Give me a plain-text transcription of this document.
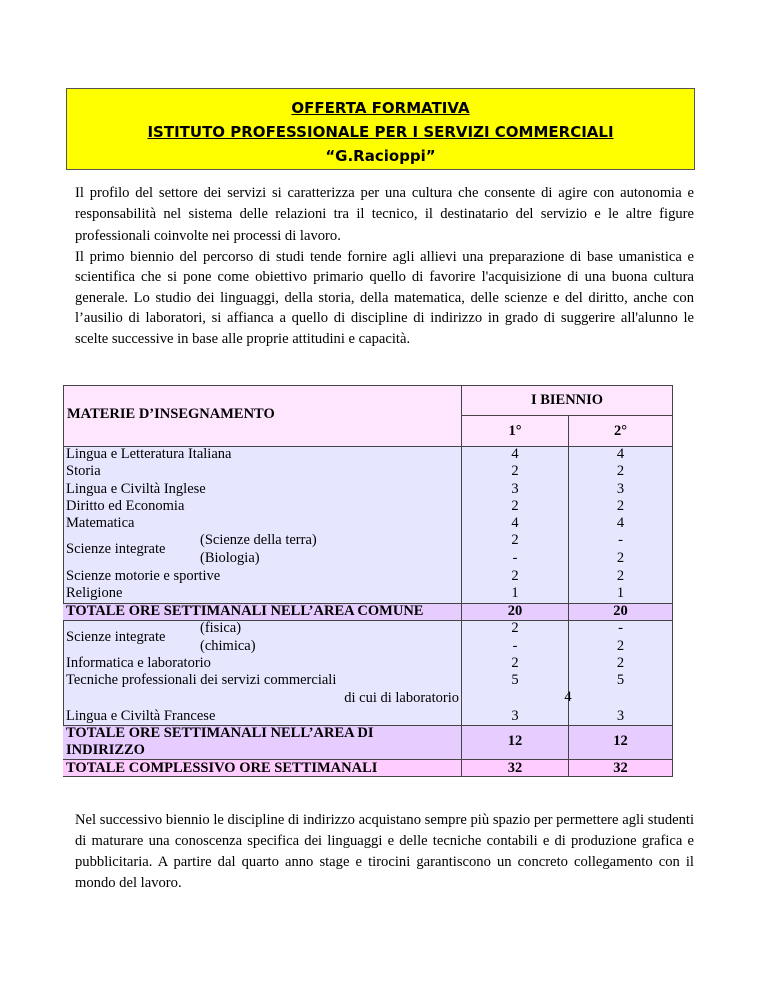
OFFERTA FORMATIVA
ISTITUTO PROFESSIONALE PER I SERVIZI COMMERCIALI
“G.Racioppi”

Il profilo del settore dei servizi si caratterizza per una cultura che consente di agire con autonomia e
responsabilità nel sistema delle relazioni tra il tecnico, il destinatario del servizio e le altre figure
professionali coinvolte nei processi di lavoro.

Il primo biennio del percorso di studi tende fornire agli allievi una preparazione di base umanistica e scientifica che si pone come obiettivo primario quello di favorire l'acquisizione di una buona cultura generale. Lo studio dei linguaggi, della storia, della matematica, delle scienze e del diritto, anche con l’ausilio di laboratori, si affianca a quello di discipline di indirizzo in grado di suggerire all'alunno le scelte successive in base alle proprie attitudini e capacità.

MATERIE D’INSEGNAMENTO
I BIENNIO
1°	2°
Lingua e Letteratura Italiana
Storia
Lingua e Civiltà Inglese
Diritto ed Economia
Matematica
Scienze integrate
(Scienze della terra)
(Biologia)
Scienze motorie e sportive
Religione
TOTALE ORE SETTIMANALI NELL’AREA COMUNE
Scienze integrate
(fisica)
(chimica)
Informatica e laboratorio
Tecniche professionali dei servizi commerciali
di cui di laboratorio
Lingua e Civiltà Francese
TOTALE ORE SETTIMANALI NELL’AREA DI
INDIRIZZO
TOTALE COMPLESSIVO ORE SETTIMANALI
4
2
3
2
4
2
-
2
1
20
2
-
2
5
4
3
12
32
4
2
3
2
4
-
2
2
1
20
-
2
2
5
3
12
32

Nel successivo biennio le discipline di indirizzo acquistano sempre più spazio per permettere agli studenti di maturare una conoscenza specifica dei linguaggi e delle tecniche contabili e di produzione grafica e pubblicitaria. A partire dal quarto anno stage e tirocini garantiscono un concreto collegamento con il mondo del lavoro.
